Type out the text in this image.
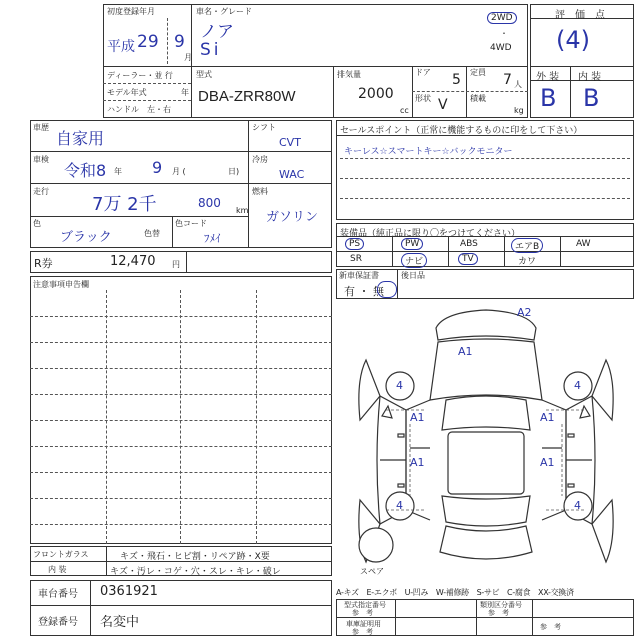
初度登録年月
平成 29 9
月
車名・グレード
ノア
Si
2WD
・
4WD
ディーラー・並 行
モデル年式	年
ハンドル　左・右
型式
DBA-ZRR80W
排気量
2000
cc
ドア 5 定員 7 人
形状 V	積載
kg
評　価　点
(4)
外 装 内 装
B B
車歴
自家用
車検
令和8 年 9 月 (	日)
走行
7万 2千	800
km
色
ブラック	色替
色コード
ﾌﾒｲ
シフト
CVT
冷房
WAC
燃料
ガソリン
R券	12,470 円
セールスポイント（正常に機能するものに印をして下さい）
キーレス☆スマートキー☆バックモニター
装備品（純正品に限り〇をつけてください）
PS	PW	ABS	エアB	AW
SR	ナビ	TV	カワ
新車保証書
有 ・ 無
後日品
注意事項申告欄
A2
A1
4	4
A1	A1
A1	A1
4	4
スペア
フロントガラス	キズ・飛石・ヒビ割・リペア跡・X要
内 装	キズ・汚レ・コゲ・穴・スレ・キレ・破レ
車台番号 0361921
登録番号 名変中
A-キズ　E-エクボ　U-凹み　W-補修跡　S-サビ　C-腐食　XX-交換済
型式指定番号
参　考
類別区分番号
参　考
車庫証明用
参　考
参　考
